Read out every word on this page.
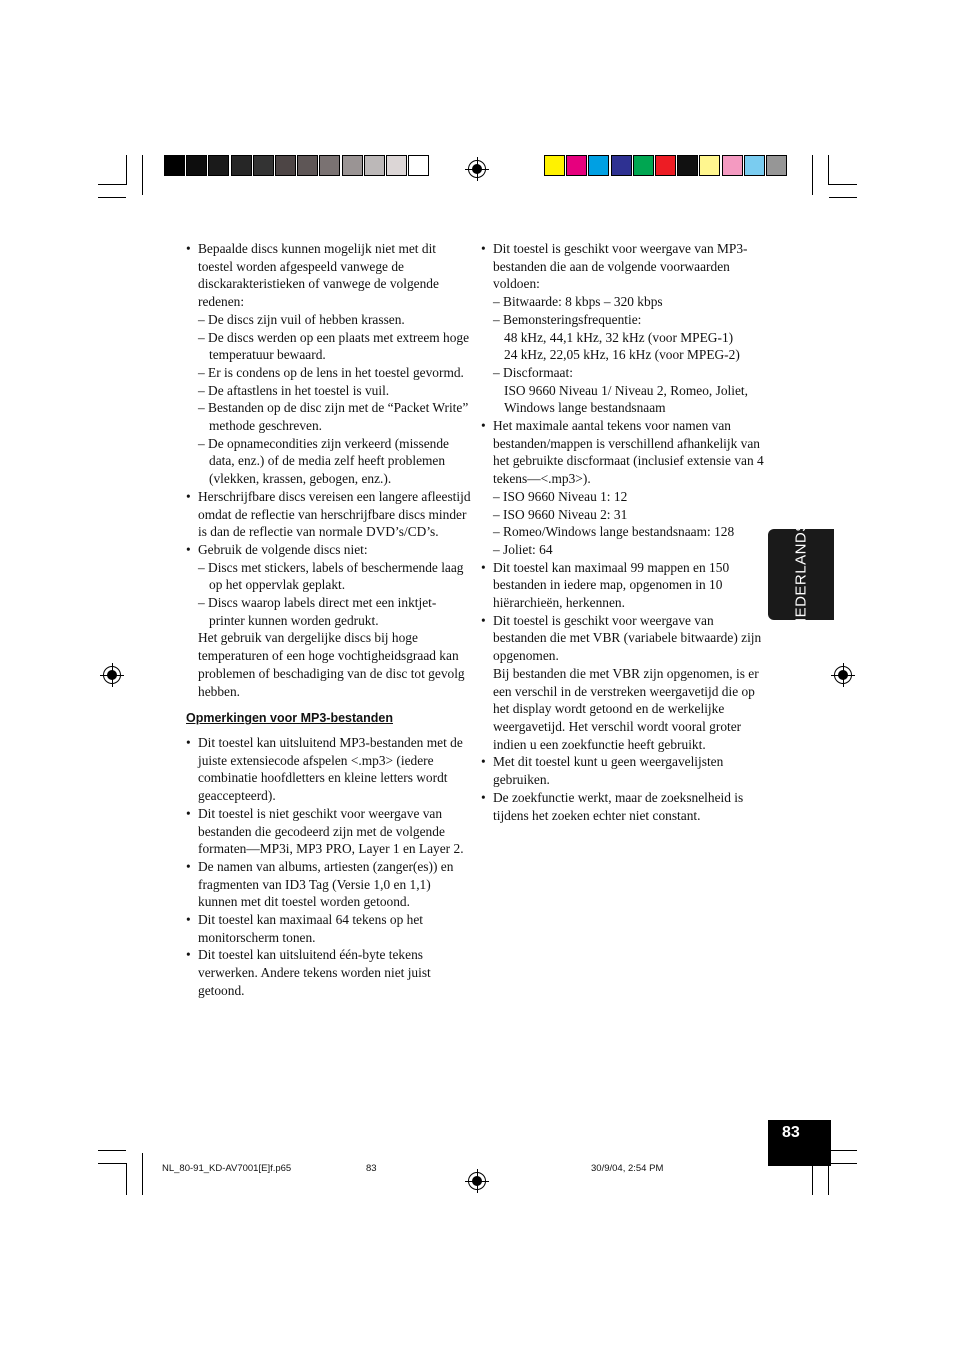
• Bepaalde discs kunnen mogelijk niet met dit toestel worden afgespeeld vanwege de disckarakteristieken of vanwege de volgende redenen:
– De discs zijn vuil of hebben krassen.
– De discs werden op een plaats met extreem hoge temperatuur bewaard.
– Er is condens op de lens in het toestel gevormd.
– De aftastlens in het toestel is vuil.
– Bestanden op de disc zijn met de “Packet Write” methode geschreven.
– De opnamecondities zijn verkeerd (missende data, enz.) of de media zelf heeft problemen (vlekken, krassen, gebogen, enz.).
• Herschrijfbare discs vereisen een langere afleestijd omdat de reflectie van herschrijfbare discs minder is dan de reflectie van normale DVD’s/CD’s.
• Gebruik de volgende discs niet:
– Discs met stickers, labels of beschermende laag op het oppervlak geplakt.
– Discs waarop labels direct met een inktjet-printer kunnen worden gedrukt.
Het gebruik van dergelijke discs bij hoge temperaturen of een hoge vochtigheidsgraad kan problemen of beschadiging van de disc tot gevolg hebben.
Opmerkingen voor MP3-bestanden
• Dit toestel kan uitsluitend MP3-bestanden met de juiste extensiecode afspelen <.mp3> (iedere combinatie hoofdletters en kleine letters wordt geaccepteerd).
• Dit toestel is niet geschikt voor weergave van bestanden die gecodeerd zijn met de volgende formaten—MP3i, MP3 PRO, Layer 1 en Layer 2.
• De namen van albums, artiesten (zanger(es)) en fragmenten van ID3 Tag (Versie 1,0 en 1,1) kunnen met dit toestel worden getoond.
• Dit toestel kan maximaal 64 tekens op het monitorscherm tonen.
• Dit toestel kan uitsluitend één-byte tekens verwerken. Andere tekens worden niet juist getoond.
• Dit toestel is geschikt voor weergave van MP3-bestanden die aan de volgende voorwaarden voldoen:
– Bitwaarde: 8 kbps – 320 kbps
– Bemonsteringsfrequentie:
48 kHz, 44,1 kHz, 32 kHz (voor MPEG-1)
24 kHz, 22,05 kHz, 16 kHz (voor MPEG-2)
– Discformaat:
ISO 9660 Niveau 1/ Niveau 2, Romeo, Joliet, Windows lange bestandsnaam
• Het maximale aantal tekens voor namen van bestanden/mappen is verschillend afhankelijk van het gebruikte discformaat (inclusief extensie van 4 tekens—<.mp3>).
– ISO 9660 Niveau 1: 12
– ISO 9660 Niveau 2: 31
– Romeo/Windows lange bestandsnaam: 128
– Joliet: 64
• Dit toestel kan maximaal 99 mappen en 150 bestanden in iedere map, opgenomen in 10 hiërarchieën, herkennen.
• Dit toestel is geschikt voor weergave van bestanden die met VBR (variabele bitwaarde) zijn opgenomen.
Bij bestanden die met VBR zijn opgenomen, is er een verschil in de verstreken weergavetijd die op het display wordt getoond en de werkelijke weergavetijd. Het verschil wordt vooral groter indien u een zoekfunctie heeft gebruikt.
• Met dit toestel kunt u geen weergavelijsten gebruiken.
• De zoekfunctie werkt, maar de zoeksnelheid is tijdens het zoeken echter niet constant.
NEDERLANDS
83
NL_80-91_KD-AV7001[E]f.p65	83	30/9/04, 2:54 PM
